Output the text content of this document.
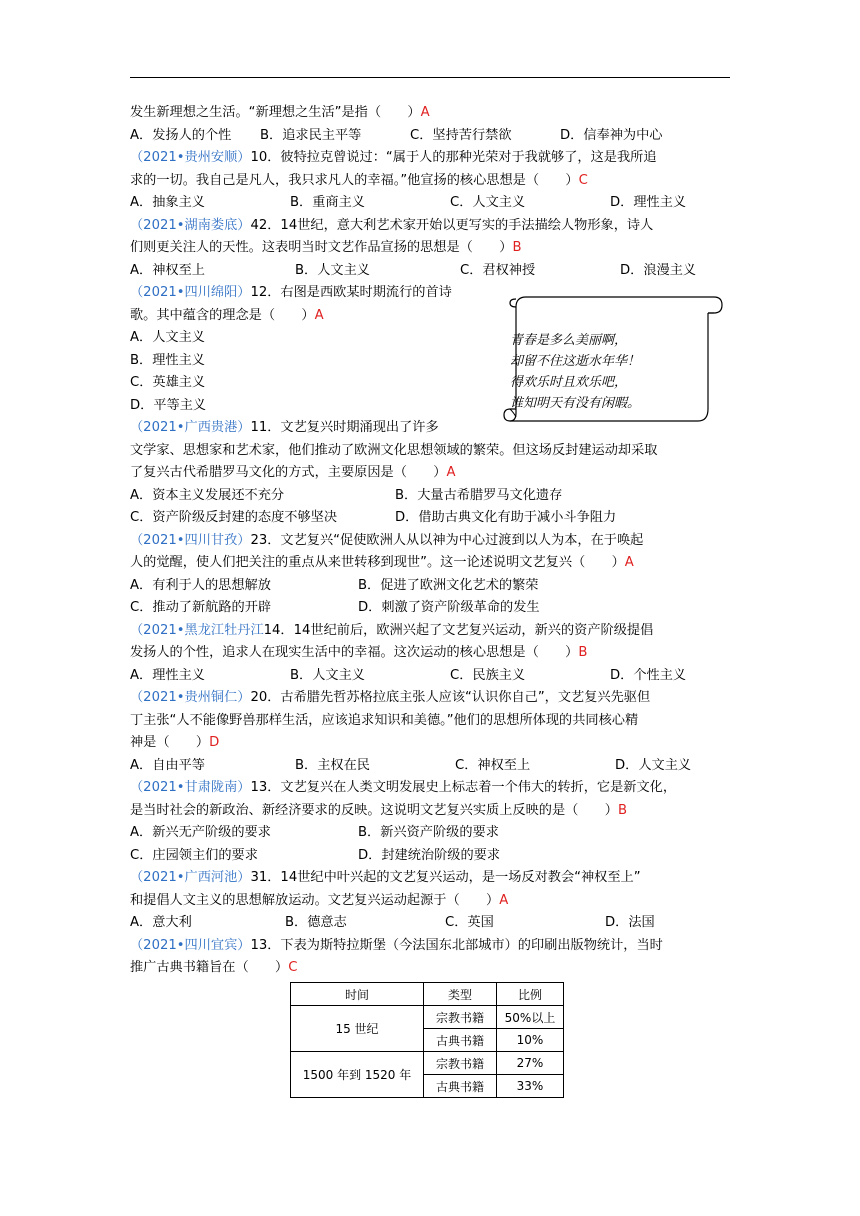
发生新理想之生活。“新理想之生活”是指（　　）A
A．发扬人的个性	B．追求民主平等	C．坚持苦行禁欲	D．信奉神为中心
（2021•贵州安顺）10．彼特拉克曾说过：“属于人的那种光荣对于我就够了，这是我所追
求的一切。我自己是凡人，我只求凡人的幸福。”他宣扬的核心思想是（　　）C
A．抽象主义	B．重商主义	C．人文主义	D．理性主义
（2021•湖南娄底）42．14世纪，意大利艺术家开始以更写实的手法描绘人物形象，诗人
们则更关注人的天性。这表明当时文艺作品宣扬的思想是（　　）B
A．神权至上	B．人文主义	C．君权神授	D．浪漫主义
（2021•四川绵阳）12．右图是西欧某时期流行的首诗
歌。其中蕴含的理念是（　　）A
A．人文主义
B．理性主义
C．英雄主义
D．平等主义
（2021•广西贵港）11．文艺复兴时期涌现出了许多
文学家、思想家和艺术家，他们推动了欧洲文化思想领域的繁荣。但这场反封建运动却采取
了复兴古代希腊罗马文化的方式，主要原因是（　　）A
A．资本主义发展还不充分	B．大量古希腊罗马文化遗存
C．资产阶级反封建的态度不够坚决	D．借助古典文化有助于减小斗争阻力
（2021•四川甘孜）23．文艺复兴“促使欧洲人从以神为中心过渡到以人为本，在于唤起
人的觉醒，使人们把关注的重点从来世转移到现世”。这一论述说明文艺复兴（　　）A
A．有利于人的思想解放	B．促进了欧洲文化艺术的繁荣
C．推动了新航路的开辟	D．刺激了资产阶级革命的发生
（2021•黑龙江牡丹江14．14世纪前后，欧洲兴起了文艺复兴运动，新兴的资产阶级提倡
发扬人的个性，追求人在现实生活中的幸福。这次运动的核心思想是（　　）B
A．理性主义	B．人文主义	C．民族主义	D．个性主义
（2021•贵州铜仁）20．古希腊先哲苏格拉底主张人应该“认识你自己”，文艺复兴先驱但
丁主张“人不能像野兽那样生活，应该追求知识和美德。”他们的思想所体现的共同核心精
神是（　　）D
A．自由平等	B．主权在民	C．神权至上	D．人文主义
（2021•甘肃陇南）13．文艺复兴在人类文明发展史上标志着一个伟大的转折，它是新文化，
是当时社会的新政治、新经济要求的反映。这说明文艺复兴实质上反映的是（　　）B
A．新兴无产阶级的要求	B．新兴资产阶级的要求
C．庄园领主们的要求	D．封建统治阶级的要求
（2021•广西河池）31．14世纪中叶兴起的文艺复兴运动，是一场反对教会“神权至上”
和提倡人文主义的思想解放运动。文艺复兴运动起源于（　　）A
A．意大利	B．德意志	C．英国	D．法国
（2021•四川宜宾）13．下表为斯特拉斯堡（今法国东北部城市）的印刷出版物统计，当时
推广古典书籍旨在（　　）C
青春是多么美丽啊，
却留不住这逝水年华！
得欢乐时且欢乐吧，
谁知明天有没有闲暇。
时间	类型	比例
15 世纪	宗教书籍	50%以上
	古典书籍	10%
1500 年到 1520 年	宗教书籍	27%
	古典书籍	33%
